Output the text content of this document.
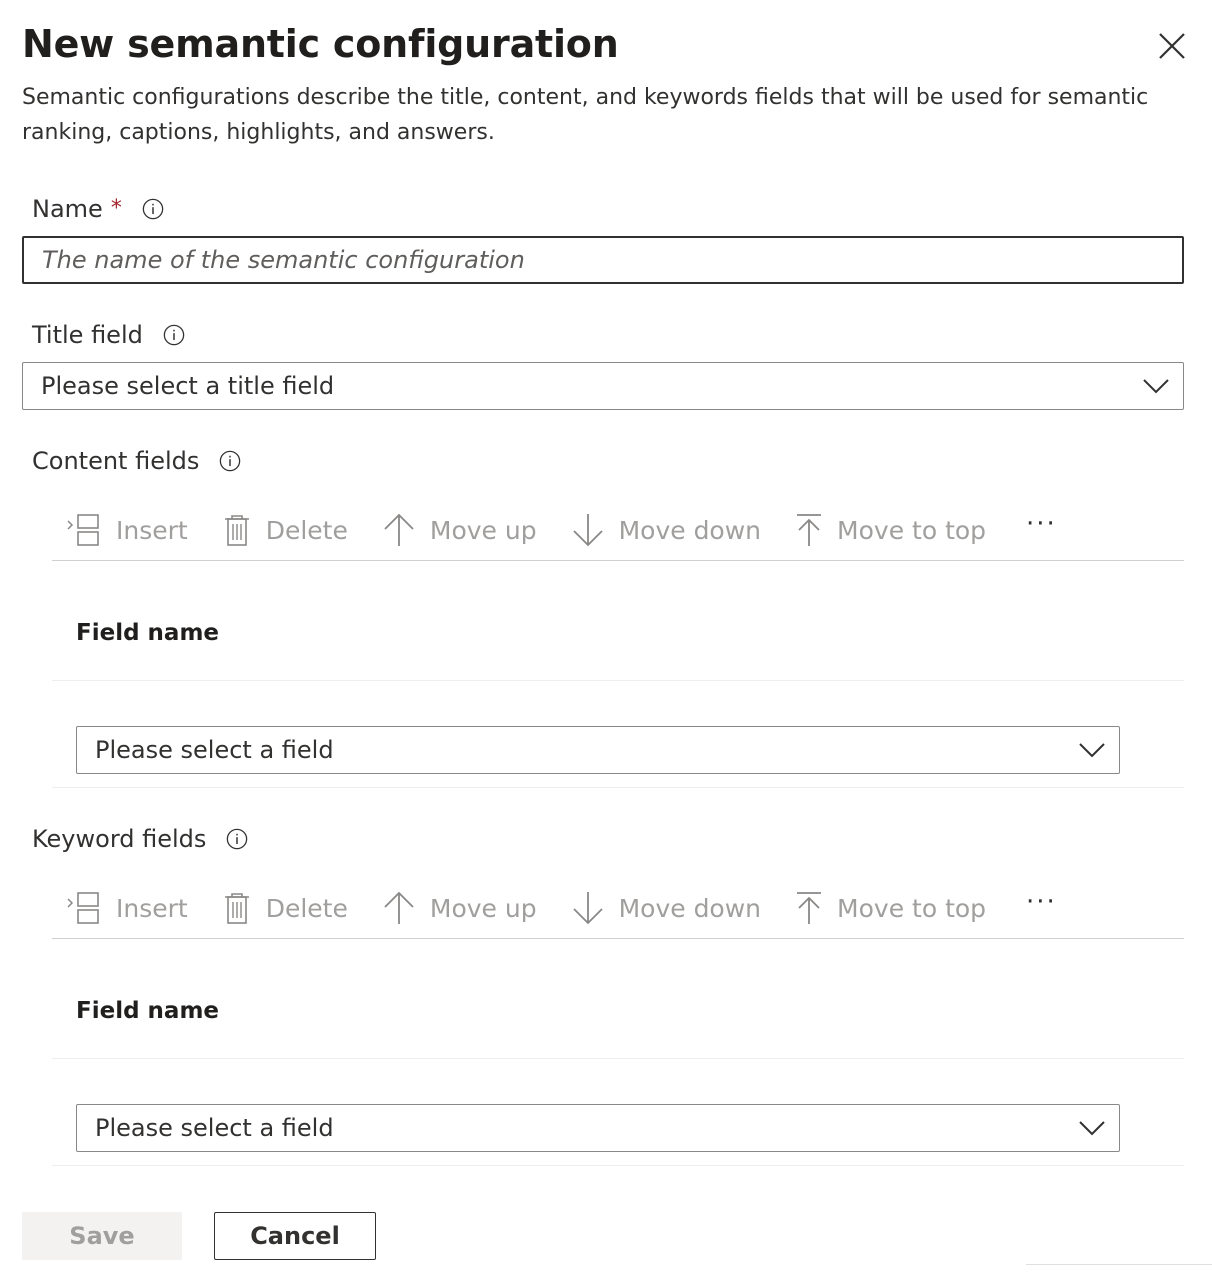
New semantic configuration

Semantic configurations describe the title, content, and keywords fields that will be used for semantic ranking, captions, highlights, and answers.

Name *
The name of the semantic configuration
Title field
Please select a title field
Content fields
Insert	Delete	Move up	Move down	Move to top ···
Field name
Please select a field
Keyword fields
Insert	Delete	Move up	Move down	Move to top ···
Field name
Please select a field
Save	Cancel
